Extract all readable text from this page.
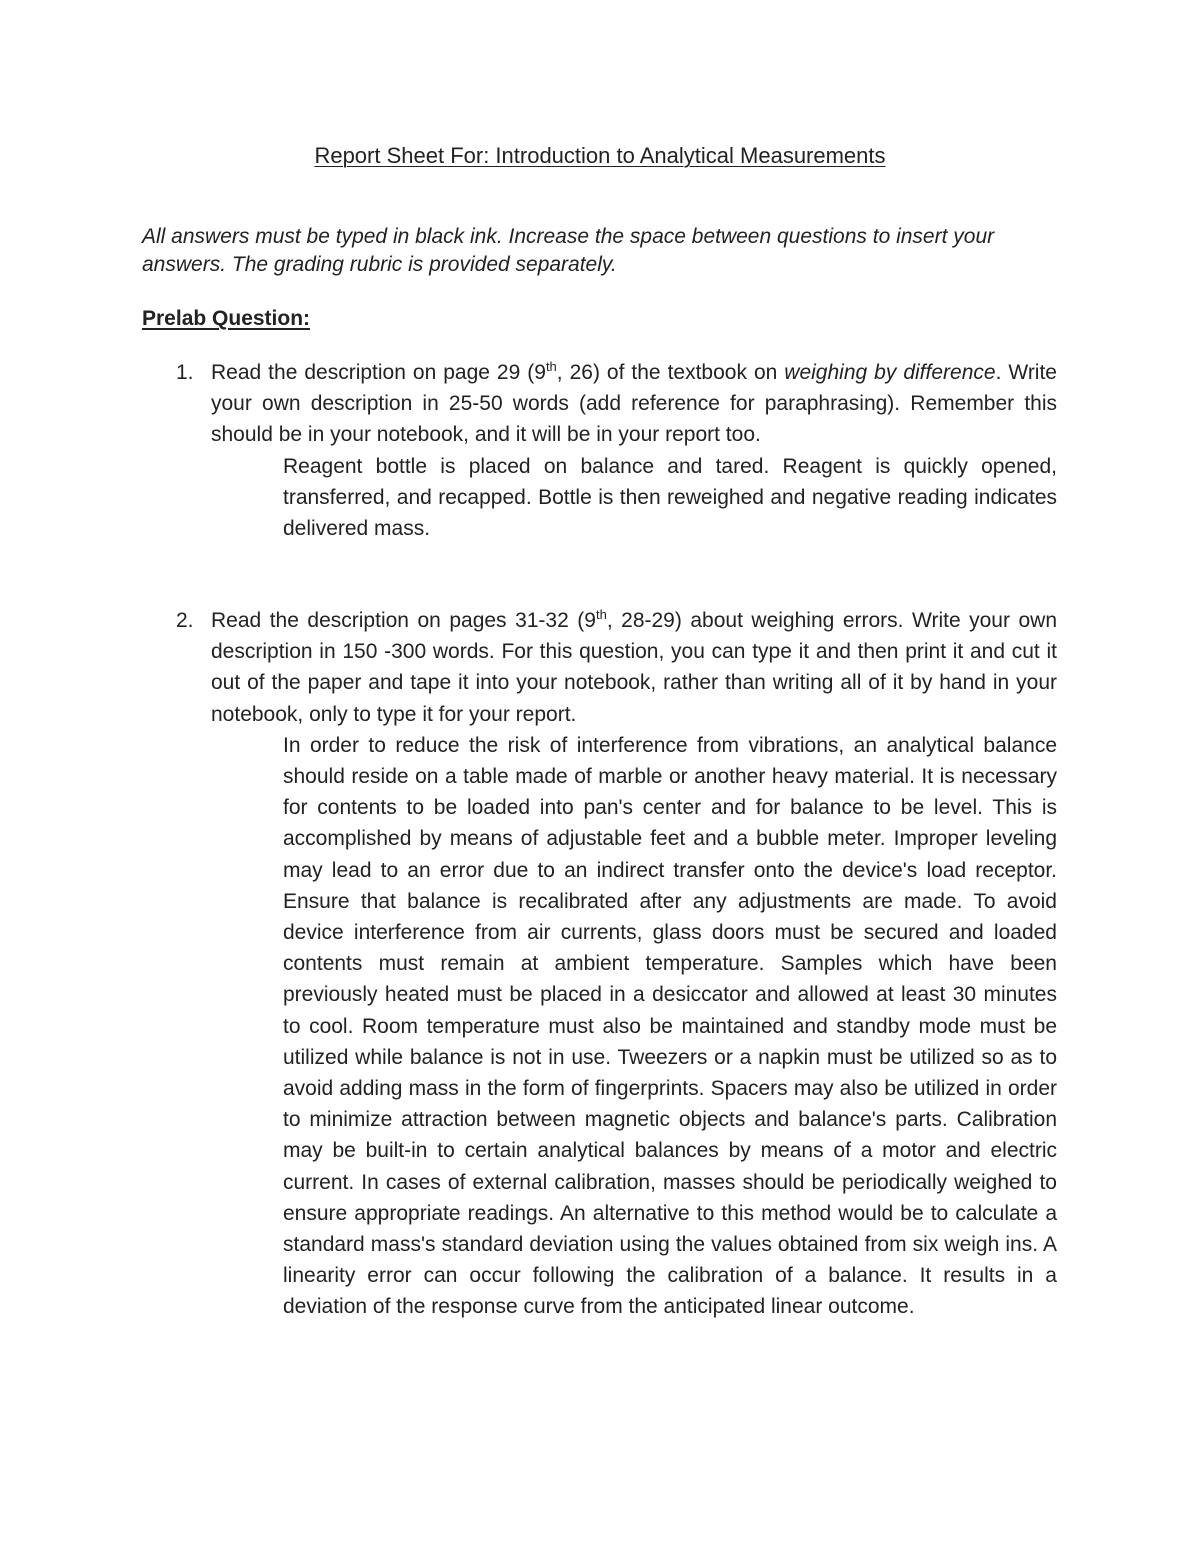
Report Sheet For: Introduction to Analytical Measurements
All answers must be typed in black ink. Increase the space between questions to insert your answers. The grading rubric is provided separately.
Prelab Question:
1. Read the description on page 29 (9th, 26) of the textbook on weighing by difference. Write your own description in 25-50 words (add reference for paraphrasing). Remember this should be in your notebook, and it will be in your report too.
Reagent bottle is placed on balance and tared. Reagent is quickly opened, transferred, and recapped. Bottle is then reweighed and negative reading indicates delivered mass.
2. Read the description on pages 31-32 (9th, 28-29) about weighing errors. Write your own description in 150 -300 words. For this question, you can type it and then print it and cut it out of the paper and tape it into your notebook, rather than writing all of it by hand in your notebook, only to type it for your report.
In order to reduce the risk of interference from vibrations, an analytical balance should reside on a table made of marble or another heavy material. It is necessary for contents to be loaded into pan's center and for balance to be level. This is accomplished by means of adjustable feet and a bubble meter. Improper leveling may lead to an error due to an indirect transfer onto the device's load receptor. Ensure that balance is recalibrated after any adjustments are made. To avoid device interference from air currents, glass doors must be secured and loaded contents must remain at ambient temperature. Samples which have been previously heated must be placed in a desiccator and allowed at least 30 minutes to cool. Room temperature must also be maintained and standby mode must be utilized while balance is not in use. Tweezers or a napkin must be utilized so as to avoid adding mass in the form of fingerprints. Spacers may also be utilized in order to minimize attraction between magnetic objects and balance's parts. Calibration may be built-in to certain analytical balances by means of a motor and electric current. In cases of external calibration, masses should be periodically weighed to ensure appropriate readings. An alternative to this method would be to calculate a standard mass's standard deviation using the values obtained from six weigh ins. A linearity error can occur following the calibration of a balance. It results in a deviation of the response curve from the anticipated linear outcome.
